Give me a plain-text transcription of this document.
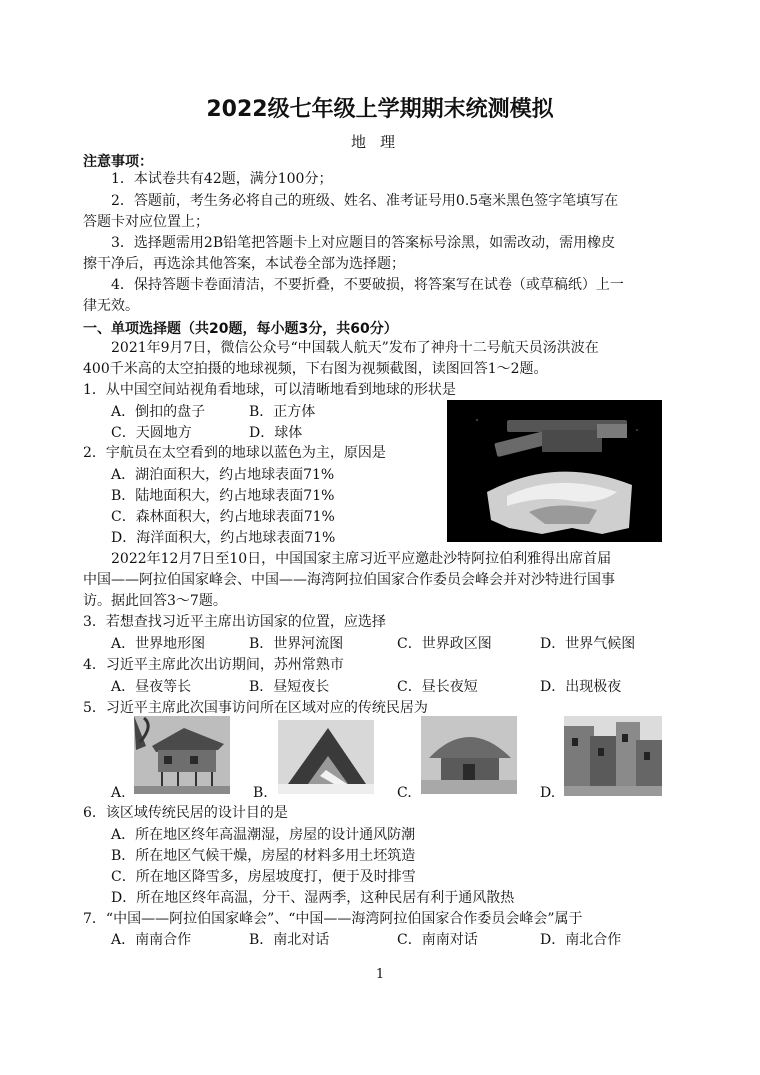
2022级七年级上学期期末统测模拟
地理
注意事项：
1．本试卷共有42题，满分100分；
2．答题前，考生务必将自己的班级、姓名、准考证号用0.5毫米黑色签字笔填写在
答题卡对应位置上；
3．选择题需用2B铅笔把答题卡上对应题目的答案标号涂黑，如需改动，需用橡皮
擦干净后，再选涂其他答案，本试卷全部为选择题；
4．保持答题卡卷面清洁，不要折叠，不要破损，将答案写在试卷（或草稿纸）上一
律无效。
一、单项选择题（共20题，每小题3分，共60分）
2021年9月7日，微信公众号“中国载人航天”发布了神舟十二号航天员汤洪波在
400千米高的太空拍摄的地球视频，下右图为视频截图，读图回答1～2题。
1．从中国空间站视角看地球，可以清晰地看到地球的形状是
A．倒扣的盘子	B．正方体
C．天圆地方	D．球体
2．宇航员在太空看到的地球以蓝色为主，原因是
A．湖泊面积大，约占地球表面71%
B．陆地面积大，约占地球表面71%
C．森林面积大，约占地球表面71%
D．海洋面积大，约占地球表面71%
2022年12月7日至10日，中国国家主席习近平应邀赴沙特阿拉伯利雅得出席首届
中国——阿拉伯国家峰会、中国——海湾阿拉伯国家合作委员会峰会并对沙特进行国事
访。据此回答3～7题。
3．若想查找习近平主席出访国家的位置，应选择
A．世界地形图	B．世界河流图	C．世界政区图	D．世界气候图
4．习近平主席此次出访期间，苏州常熟市
A．昼夜等长	B．昼短夜长	C．昼长夜短	D．出现极夜
5．习近平主席此次国事访问所在区域对应的传统民居为
A.	B.	C.	D.
6．该区域传统民居的设计目的是
A．所在地区终年高温潮湿，房屋的设计通风防潮
B．所在地区气候干燥，房屋的材料多用土坯筑造
C．所在地区降雪多，房屋坡度打，便于及时排雪
D．所在地区终年高温，分干、湿两季，这种民居有利于通风散热
7．“中国——阿拉伯国家峰会”、“中国——海湾阿拉伯国家合作委员会峰会”属于
A．南南合作	B．南北对话	C．南南对话	D．南北合作
1
